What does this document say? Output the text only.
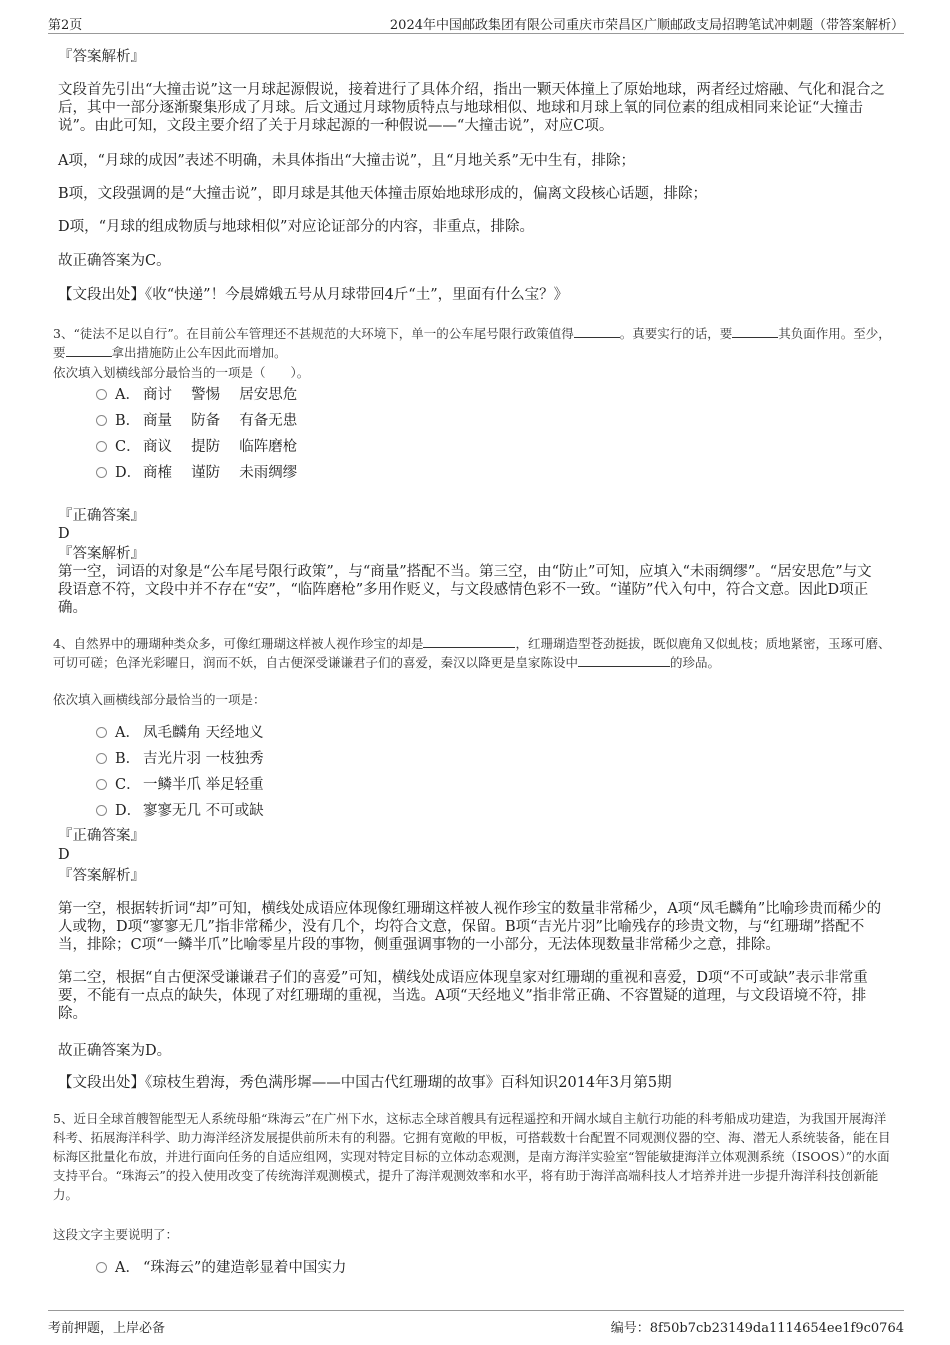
第2页	2024年中国邮政集团有限公司重庆市荣昌区广顺邮政支局招聘笔试冲刺题（带答案解析）
『答案解析』
文段首先引出“大撞击说”这一月球起源假说，接着进行了具体介绍，指出一颗天体撞上了原始地球，两者经过熔融、气化和混合之后，其中一部分逐渐聚集形成了月球。后文通过月球物质特点与地球相似、地球和月球上氧的同位素的组成相同来论证“大撞击说”。由此可知，文段主要介绍了关于月球起源的一种假说——“大撞击说”，对应C项。
A项，“月球的成因”表述不明确，未具体指出“大撞击说”，且“月地关系”无中生有，排除；
B项，文段强调的是“大撞击说”，即月球是其他天体撞击原始地球形成的，偏离文段核心话题，排除；
D项，“月球的组成物质与地球相似”对应论证部分的内容，非重点，排除。
故正确答案为C。
【文段出处】《收“快递”！今晨嫦娥五号从月球带回4斤“土”，里面有什么宝？》
3、“徒法不足以自行”。在目前公车管理还不甚规范的大环境下，单一的公车尾号限行政策值得	。真要实行的话，要	其负面作用。至少，要	拿出措施防止公车因此而增加。
依次填入划横线部分最恰当的一项是（　　）。
A． 商讨　 警惕　 居安思危
B． 商量　 防备　 有备无患
C． 商议　 提防　 临阵磨枪
D． 商榷　 谨防　 未雨绸缪
『正确答案』
D
『答案解析』
第一空，词语的对象是“公车尾号限行政策”，与“商量”搭配不当。第三空，由“防止”可知，应填入“未雨绸缪”。“居安思危”与文段语意不符，文段中并不存在“安”，“临阵磨枪”多用作贬义，与文段感情色彩不一致。“谨防”代入句中，符合文意。因此D项正确。
4、自然界中的珊瑚种类众多，可像红珊瑚这样被人视作珍宝的却是	，红珊瑚造型苍劲挺拔，既似鹿角又似虬枝；质地紧密，玉琢可磨、可切可磋；色泽光彩曜日，润而不妖，自古便深受谦谦君子们的喜爱，秦汉以降更是皇家陈设中	的珍品。
依次填入画横线部分最恰当的一项是：
A． 凤毛麟角 天经地义
B． 吉光片羽 一枝独秀
C． 一鳞半爪 举足轻重
D． 寥寥无几 不可或缺
『正确答案』
D
『答案解析』
第一空，根据转折词“却”可知，横线处成语应体现像红珊瑚这样被人视作珍宝的数量非常稀少，A项“凤毛麟角”比喻珍贵而稀少的人或物，D项“寥寥无几”指非常稀少，没有几个，均符合文意，保留。B项“吉光片羽”比喻残存的珍贵文物，与“红珊瑚”搭配不当，排除；C项“一鳞半爪”比喻零星片段的事物，侧重强调事物的一小部分，无法体现数量非常稀少之意，排除。
第二空，根据“自古便深受谦谦君子们的喜爱”可知，横线处成语应体现皇家对红珊瑚的重视和喜爱，D项“不可或缺”表示非常重要，不能有一点点的缺失，体现了对红珊瑚的重视，当选。A项“天经地义”指非常正确、不容置疑的道理，与文段语境不符，排除。
故正确答案为D。
【文段出处】《琼枝生碧海，秀色满彤墀——中国古代红珊瑚的故事》百科知识2014年3月第5期
5、近日全球首艘智能型无人系统母船“珠海云”在广州下水，这标志全球首艘具有远程遥控和开阔水域自主航行功能的科考船成功建造，为我国开展海洋科考、拓展海洋科学、助力海洋经济发展提供前所未有的利器。它拥有宽敞的甲板，可搭载数十台配置不同观测仪器的空、海、潜无人系统装备，能在目标海区批量化布放，并进行面向任务的自适应组网，实现对特定目标的立体动态观测，是南方海洋实验室“智能敏捷海洋立体观测系统（ISOOS）”的水面支持平台。“珠海云”的投入使用改变了传统海洋观测模式，提升了海洋观测效率和水平，将有助于海洋高端科技人才培养并进一步提升海洋科技创新能力。
这段文字主要说明了：
A． “珠海云”的建造彰显着中国实力
考前押题，上岸必备	编号：8f50b7cb23149da1114654ee1f9c0764
